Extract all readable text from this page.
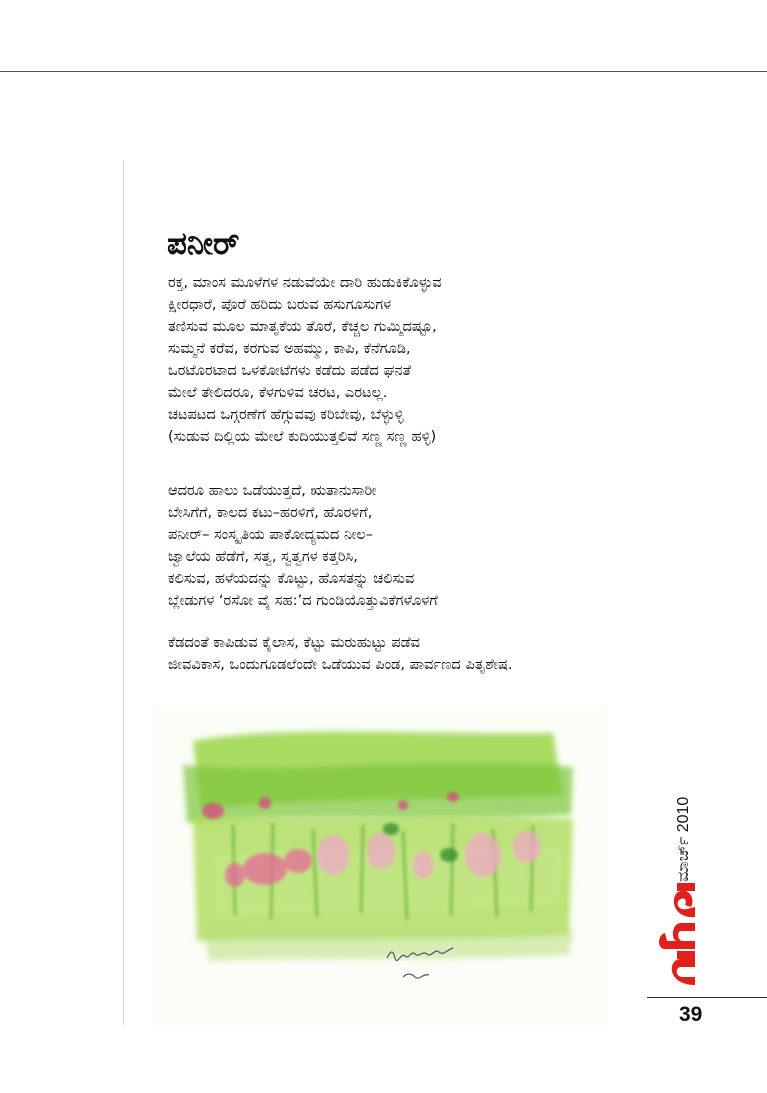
ಪನೀರ್
ರಕ್ತ, ಮಾಂಸ ಮೂಳೆಗಳ ನಡುವೆಯೇ ದಾರಿ ಹುಡುಕಿಕೊಳ್ಳುವ
ಕ್ಷೀರಧಾರೆ, ಪೊರೆ ಹರಿದು ಬರುವ ಹಸುಗೂಸುಗಳ
ತಣಿಸುವ ಮೂಲ ಮಾತೃಕೆಯ ತೊರೆ, ಕೆಚ್ಚಲ ಗುಮ್ಮಿದಷ್ಟೂ,
ಸುಮ್ಮನೆ ಕರೆವ, ಕರಗುವ ಅಹಮ್ಮು, ಕಾಪಿ, ಕೆನೆಗೂಡಿ,
ಒರಟೊರಟಾದ ಒಳಕೋಟೆಗಳು ಕಡೆದು ಪಡೆದ ಘನತೆ
ಮೇಲೆ ತೇಲಿದರೂ, ಕೆಳಗುಳಿವ ಚರಟ, ಎರಟಲ್ಲ.
ಚಟಪಟದ ಒಗ್ಗರಣೆಗೆ ಹೆಗ್ಗುವವು ಕರಿಬೇವು, ಬೆಳ್ಳುಳ್ಳಿ
(ಸುಡುವ ದಿಲ್ಲಿಯ ಮೇಲೆ ಕುದಿಯುತ್ತಲಿವೆ ಸಣ್ಣ ಸಣ್ಣ ಹಳ್ಳಿ)
ಆದರೂ ಹಾಲು ಒಡೆಯುತ್ತದೆ, ಋತಾನುಸಾರೀ
ಬೇಸಿಗೆಗೆ, ಕಾಲದ ಕಟು–ಹರಳಿಗೆ, ಹೊರಳಿಗೆ,
ಪನೀರ್– ಸಂಸ್ಕೃತಿಯ ಪಾಕೋದ್ಯಮದ ನೀಲ–
ಜ್ವಾಲೆಯ ಹೆಡೆಗೆ, ಸತ್ವ, ಸ್ವತ್ವಗಳ ಕತ್ತರಿಸಿ,
ಕಲಿಸುವ, ಹಳೆಯದನ್ನು ಕೊಟ್ಟು, ಹೊಸತನ್ನು ಚಲಿಸುವ
ಬ್ಲೇಡುಗಳ ‘ರಸೋ ವೈ ಸಹ:’ದ ಗುಂಡಿಯೊತ್ತುವಿಕೆಗಳೊಳಗೆ
ಕೆಡದಂತೆ ಕಾಪಿಡುವ ಕೈಲಾಸ, ಕೆಟ್ಟು ಮರುಹುಟ್ಟು ಪಡೆವ
ಜೀವವಿಕಾಸ, ಒಂದುಗೂಡಲೆಂದೇ ಒಡೆಯುವ ಪಿಂಡ, ಪಾರ್ವಣದ ಪಿತೃಶೇಷ.
ಮಾರ್ಚ್ 2010
39
